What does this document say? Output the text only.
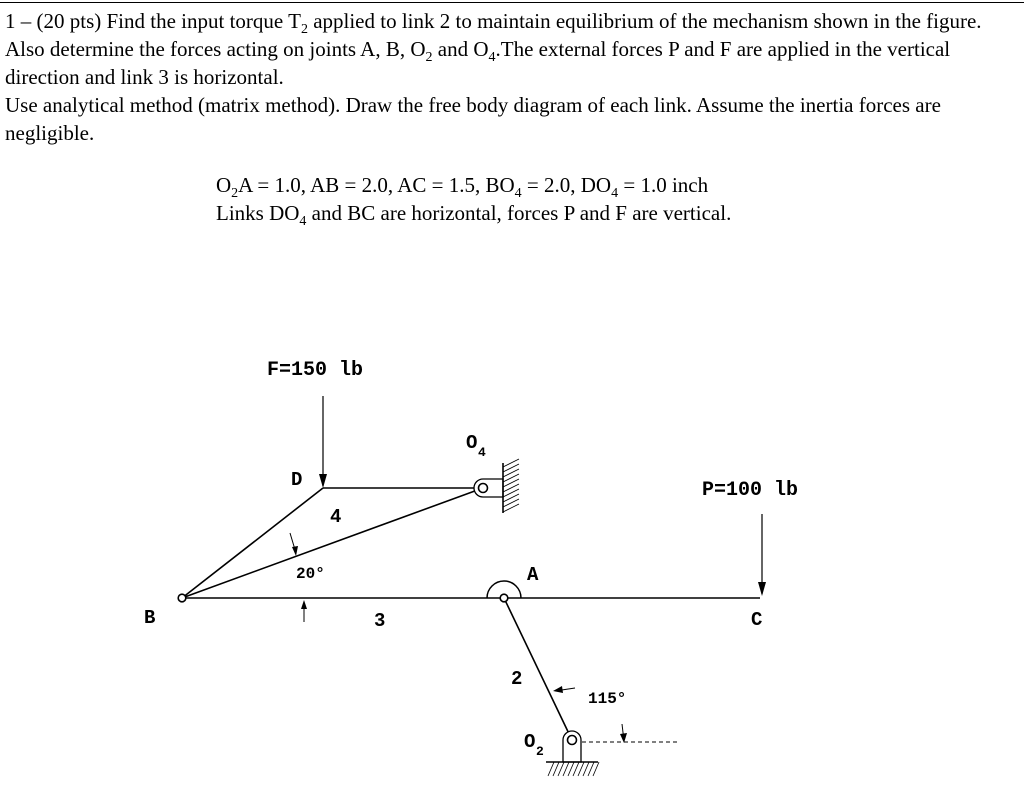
1 – (20 pts) Find the input torque $T_2$ applied to link 2 to maintain equilibrium of the mechanism shown in the figure. Also determine the forces acting on joints A, B, $O_2$ and $O_4.The$ external forces P and F are applied in the vertical direction and link 3 is horizontal.

Use analytical method (matrix method). Draw the free body diagram of each link. Assume the inertia forces are negligible.

$O_2A = 1.0$, AB = 2.0, AC = 1.5, $BO_4 = 2.0$, $DO_4 = 1.0$ inch

Links $DO_4$ and BC are horizontal, forces P and F are vertical.

F=150 lb
P=100 lb
20°
115°
D
B
A
C
O 4
O 2
2
3
4
